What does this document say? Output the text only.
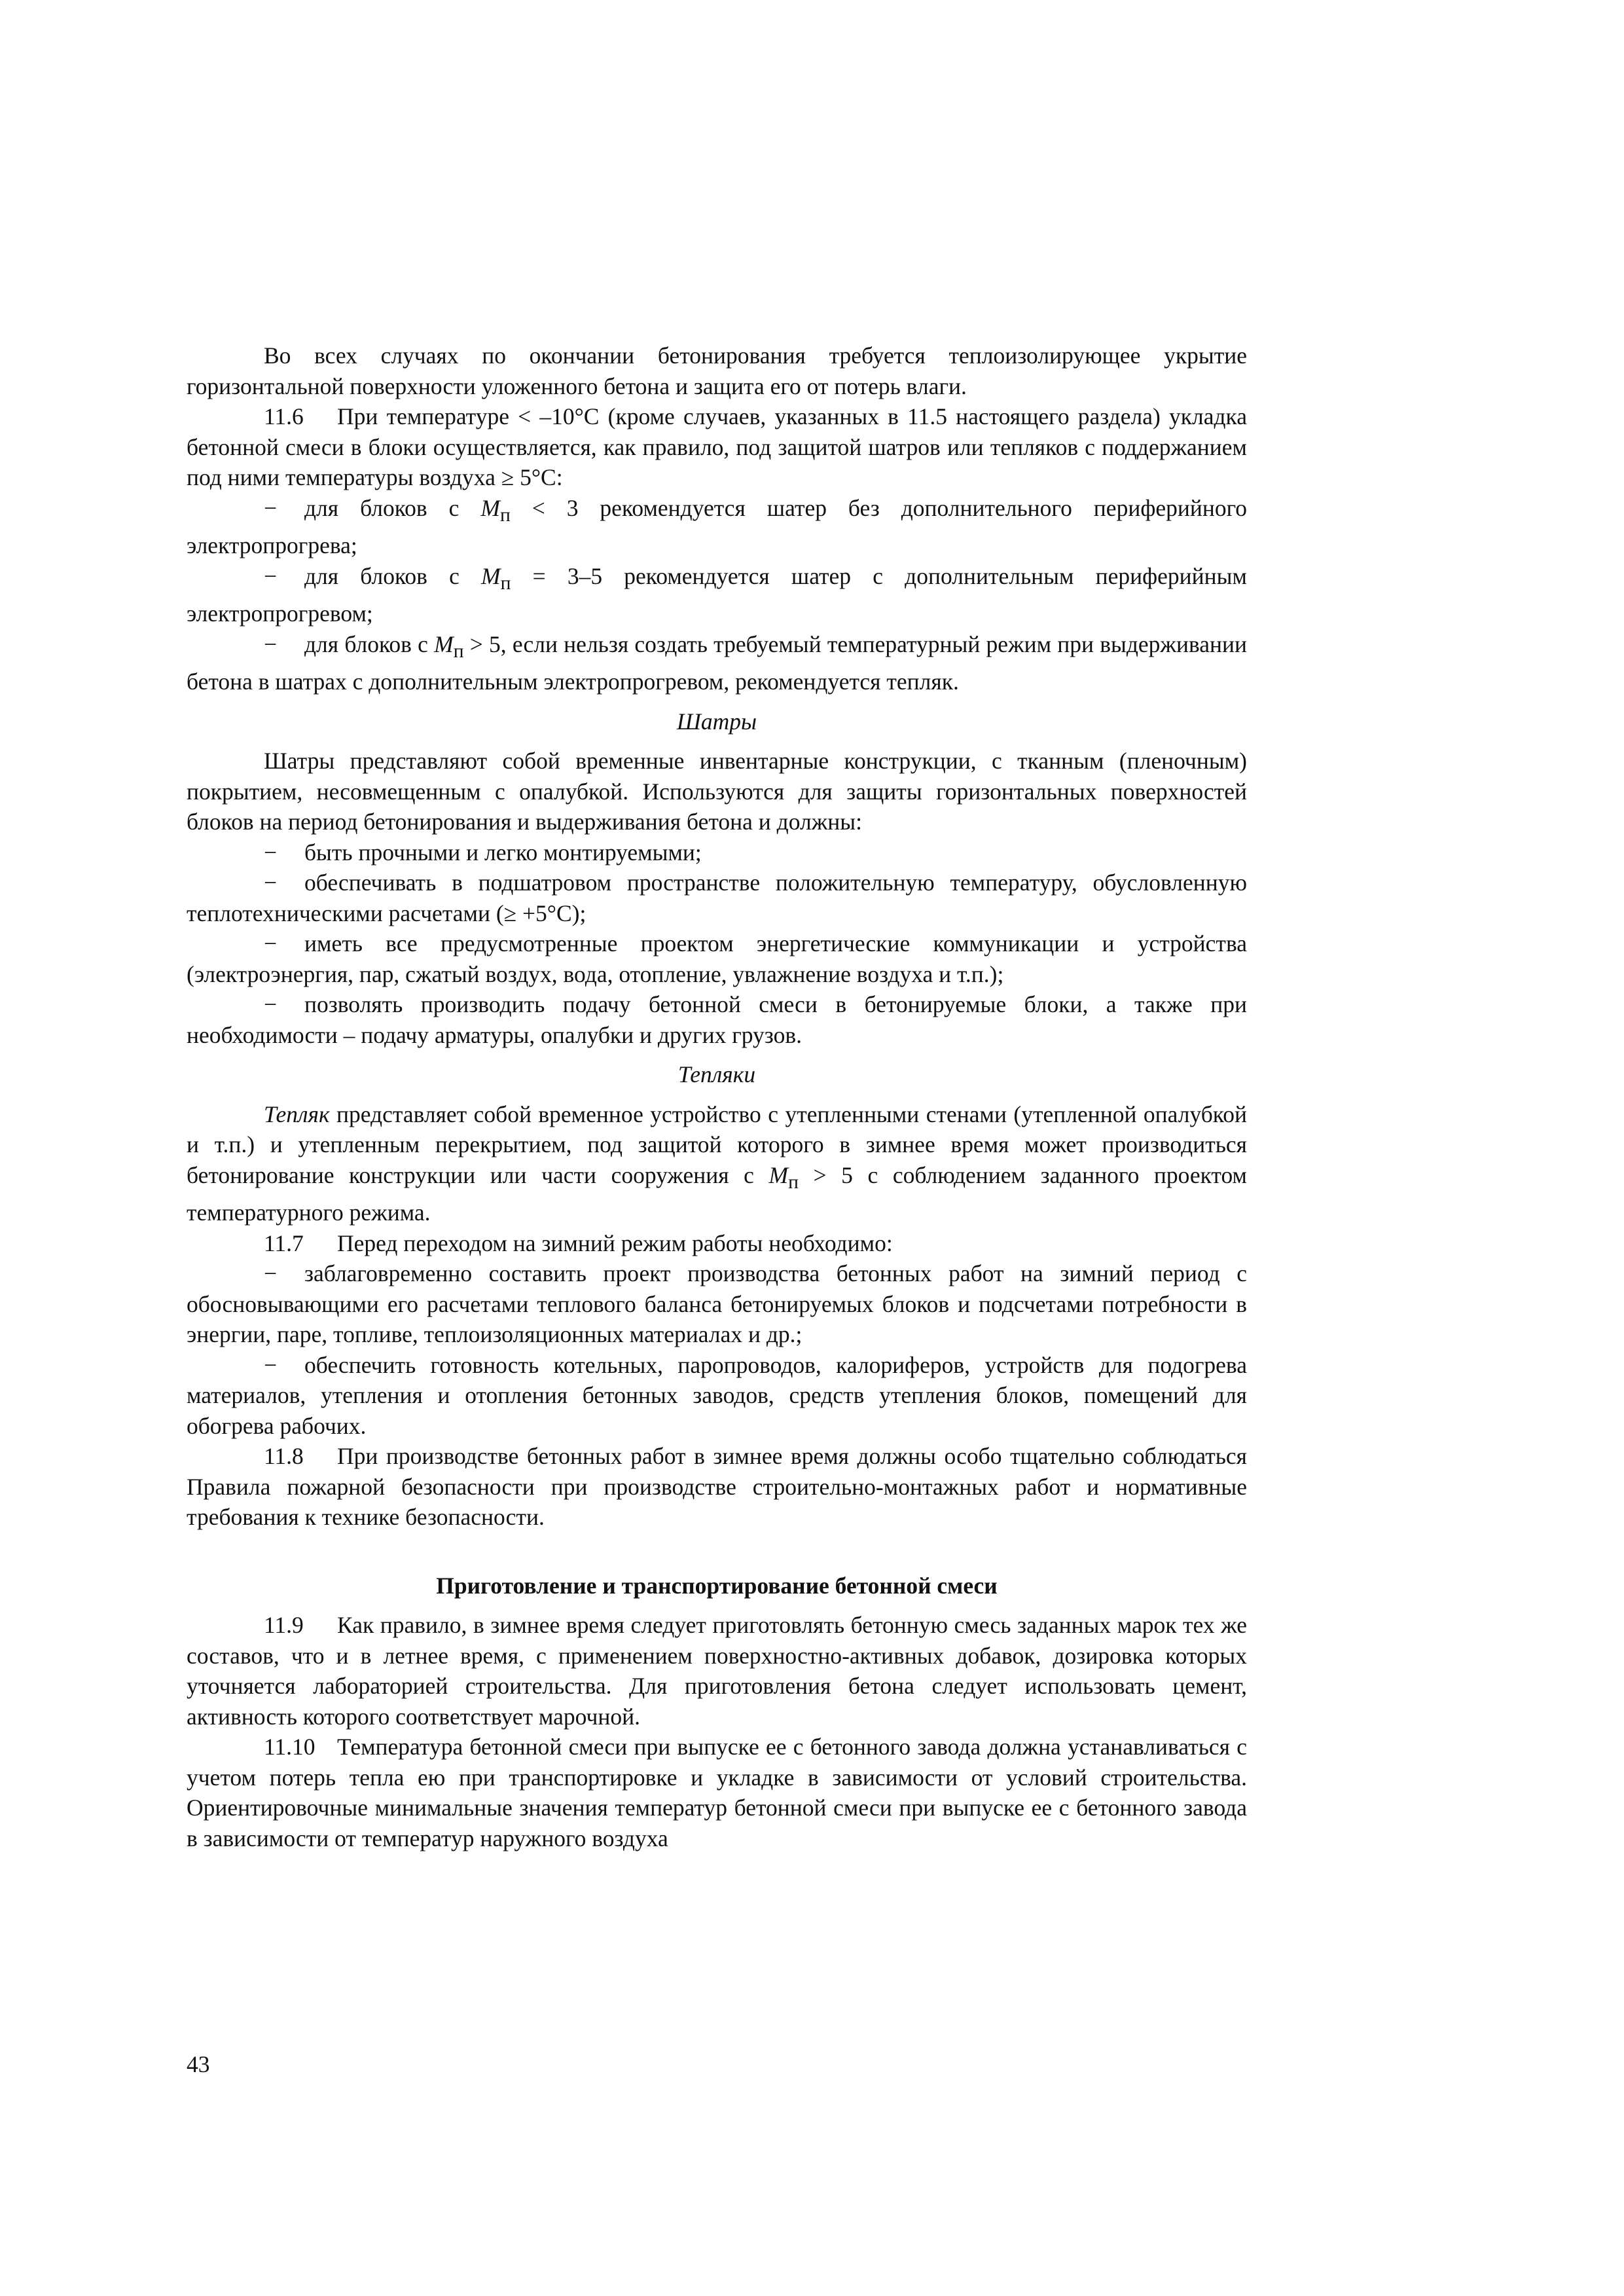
Во всех случаях по окончании бетонирования требуется теплоизолирующее укрытие горизонтальной поверхности уложенного бетона и защита его от потерь влаги.

11.6 При температуре < –10°C (кроме случаев, указанных в 11.5 настоящего раздела) укладка бетонной смеси в блоки осуществляется, как правило, под защитой шатров или тепляков с поддержанием под ними температуры воздуха ≥ 5°С:

− для блоков с $М_п < 3$ рекомендуется шатер без дополнительного периферийного электропрогрева;

− для блоков с $М_п = 3-5$ рекомендуется шатер с дополнительным периферийным электропрогревом;

− для блоков с $М_п > 5$, если нельзя создать требуемый температурный режим при выдерживании бетона в шатрах с дополнительным электропрогревом, рекомендуется тепляк.

Шатры

Шатры представляют собой временные инвентарные конструкции, с тканным (пленочным) покрытием, несовмещенным с опалубкой. Используются для защиты горизонтальных поверхностей блоков на период бетонирования и выдерживания бетона и должны:

− быть прочными и легко монтируемыми;

− обеспечивать в подшатровом пространстве положительную температуру, обусловленную теплотехническими расчетами (≥ +5°С);

− иметь все предусмотренные проектом энергетические коммуникации и устройства (электроэнергия, пар, сжатый воздух, вода, отопление, увлажнение воздуха и т.п.);

− позволять производить подачу бетонной смеси в бетонируемые блоки, а также при необходимости – подачу арматуры, опалубки и других грузов.

Тепляки

Тепляк представляет собой временное устройство с утепленными стенами (утепленной опалубкой и т.п.) и утепленным перекрытием, под защитой которого в зимнее время может производиться бетонирование конструкции или части сооружения с $М_п > 5$ с соблюдением заданного проектом температурного режима.

11.7 Перед переходом на зимний режим работы необходимо:

− заблаговременно составить проект производства бетонных работ на зимний период с обосновывающими его расчетами теплового баланса бетонируемых блоков и подсчетами потребности в энергии, паре, топливе, теплоизоляционных материалах и др.;

− обеспечить готовность котельных, паропроводов, калориферов, устройств для подогрева материалов, утепления и отопления бетонных заводов, средств утепления блоков, помещений для обогрева рабочих.

11.8 При производстве бетонных работ в зимнее время должны особо тщательно соблюдаться Правила пожарной безопасности при производстве строительно-монтажных работ и нормативные требования к технике безопасности.

Приготовление и транспортирование бетонной смеси

11.9 Как правило, в зимнее время следует приготовлять бетонную смесь заданных марок тех же составов, что и в летнее время, с применением поверхностно-активных добавок, дозировка которых уточняется лабораторией строительства. Для приготовления бетона следует использовать цемент, активность которого соответствует марочной.

11.10 Температура бетонной смеси при выпуске ее с бетонного завода должна устанавливаться с учетом потерь тепла ею при транспортировке и укладке в зависимости от условий строительства. Ориентировочные минимальные значения температур бетонной смеси при выпуске ее с бетонного завода в зависимости от температур наружного воздуха

43
